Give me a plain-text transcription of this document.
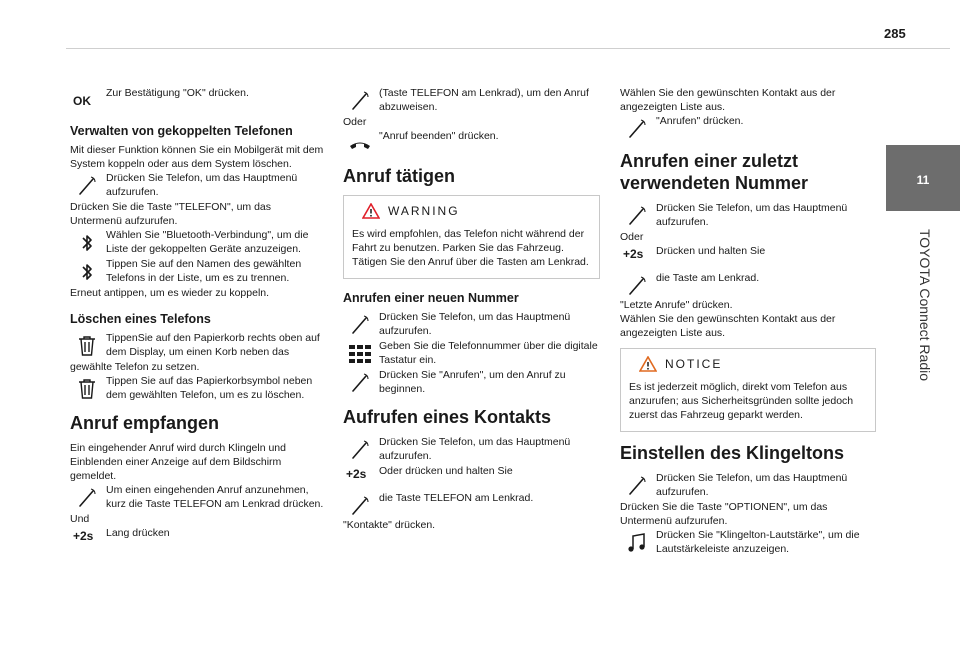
285
11
TOYOTA Connect Radio
OK
Zur Bestätigung "OK" drücken.
Verwalten von gekoppelten Telefonen

Mit dieser Funktion können Sie ein Mobilgerät mit dem System koppeln oder aus dem System löschen.

Drücken Sie Telefon, um das Hauptmenü aufzurufen.

Drücken Sie die Taste "TELEFON", um das Untermenü aufzurufen.

Wählen Sie "Bluetooth-Verbindung", um die Liste der gekoppelten Geräte anzuzeigen.
Tippen Sie auf den Namen des gewählten Telefons in der Liste, um es zu trennen.

Erneut antippen, um es wieder zu koppeln.

Löschen eines Telefons
TippenSie auf den Papierkorb rechts oben auf dem Display, um einen Korb neben das

gewählte Telefon zu setzen.

Tippen Sie auf das Papierkorbsymbol neben dem gewählten Telefon, um es zu löschen.
Anruf empfangen

Ein eingehender Anruf wird durch Klingeln und Einblenden einer Anzeige auf dem Bildschirm gemeldet.

Um einen eingehenden Anruf anzunehmen, kurz die Taste TELEFON am Lenkrad drücken.

Und

+2s	Lang drücken
(Taste TELEFON am Lenkrad), um den Anruf abzuweisen.

Oder

"Anruf beenden" drücken.
Anruf tätigen
WARNING

Es wird empfohlen, das Telefon nicht während der Fahrt zu benutzen. Parken Sie das Fahrzeug. Tätigen Sie den Anruf über die Tasten am Lenkrad.

Anrufen einer neuen Nummer
Drücken Sie Telefon, um das Hauptmenü aufzurufen.
Geben Sie die Telefonnummer über die digitale Tastatur ein.
Drücken Sie "Anrufen", um den Anruf zu beginnen.
Aufrufen eines Kontakts
Drücken Sie Telefon, um das Hauptmenü aufzurufen.
+2s	Oder drücken und halten Sie
die Taste TELEFON am Lenkrad.

"Kontakte" drücken.

Wählen Sie den gewünschten Kontakt aus der angezeigten Liste aus.

"Anrufen" drücken.
Anrufen einer zuletzt verwendeten Nummer
Drücken Sie Telefon, um das Hauptmenü aufzurufen.

Oder

+2s	Drücken und halten Sie
die Taste am Lenkrad.

"Letzte Anrufe" drücken.

Wählen Sie den gewünschten Kontakt aus der angezeigten Liste aus.

NOTICE

Es ist jederzeit möglich, direkt vom Telefon aus anzurufen; aus Sicherheitsgründen sollte jedoch zuerst das Fahrzeug geparkt werden.

Einstellen des Klingeltons
Drücken Sie Telefon, um das Hauptmenü aufzurufen.

Drücken Sie die Taste "OPTIONEN", um das Untermenü aufzurufen.

Drücken Sie "Klingelton-Lautstärke", um die Lautstärkeleiste anzuzeigen.
